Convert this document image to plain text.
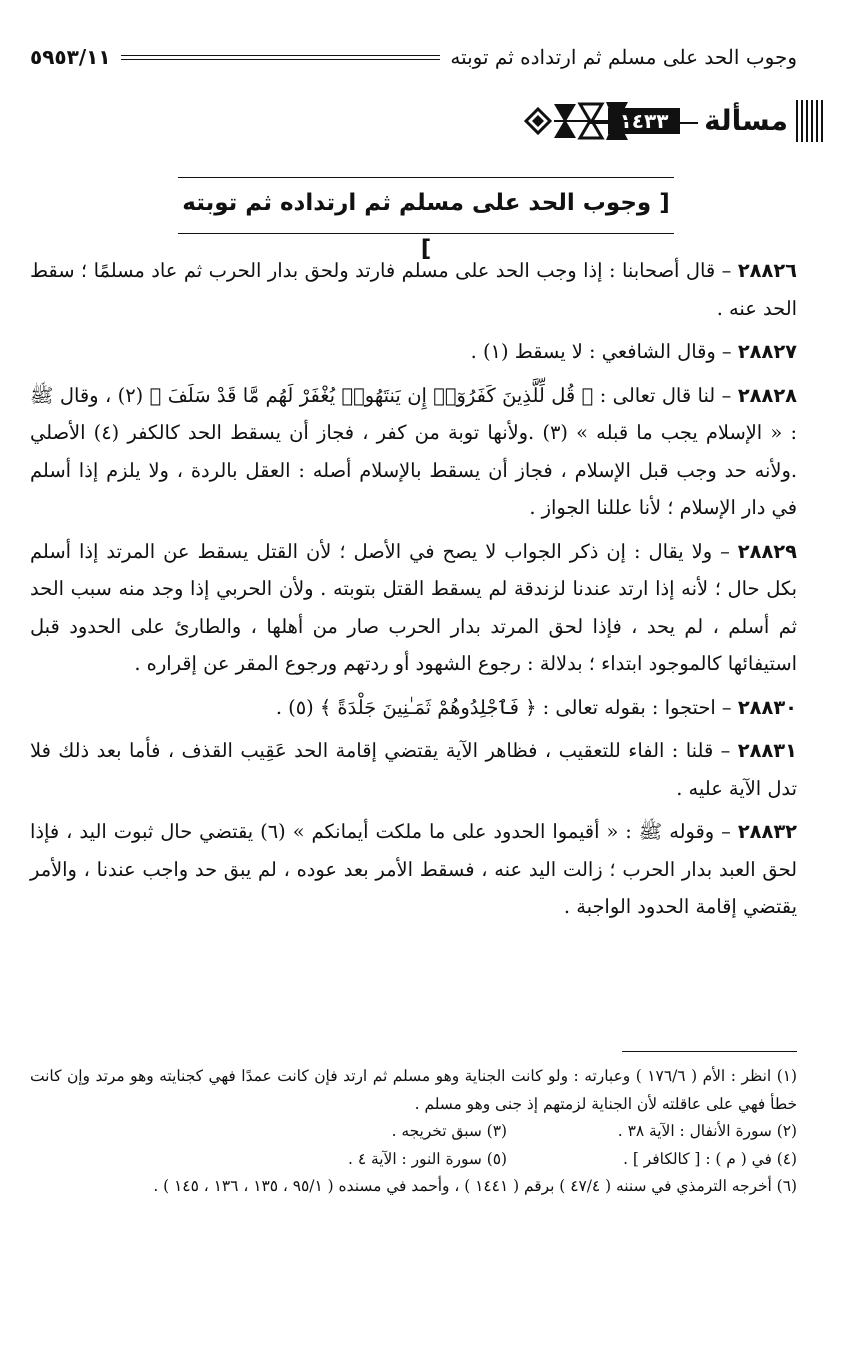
وجوب الحد على مسلم ثم ارتداده ثم توبته
٥٩٥٣/١١
مسألة
١٤٣٣
[ وجوب الحد على مسلم ثم ارتداده ثم توبته ]

٢٨٨٢٦ – قال أصحابنا : إذا وجب الحد على مسلم فارتد ولحق بدار الحرب ثم عاد مسلمًا ؛ سقط الحد عنه .

٢٨٨٢٧ – وقال الشافعي : لا يسقط (١) .

٢٨٨٢٨ – لنا قال تعالى : ﴿ قُل لِّلَّذِينَ كَفَرُوٓا۟ إِن يَنتَهُوا۟ يُغْفَرْ لَهُم مَّا قَدْ سَلَفَ ﴾ (٢) ، وقال ﷺ : « الإسلام يجب ما قبله » (٣) .ولأنها توبة من كفر ، فجاز أن يسقط الحد كالكفر (٤) الأصلي .ولأنه حد وجب قبل الإسلام ، فجاز أن يسقط بالإسلام أصله : العقل بالردة ، ولا يلزم إذا أسلم في دار الإسلام ؛ لأنا عللنا الجواز .

٢٨٨٢٩ – ولا يقال : إن ذكر الجواب لا يصح في الأصل ؛ لأن القتل يسقط عن المرتد إذا أسلم بكل حال ؛ لأنه إذا ارتد عندنا لزندقة لم يسقط القتل بتوبته . ولأن الحربي إذا وجد منه سبب الحد ثم أسلم ، لم يحد ، فإذا لحق المرتد بدار الحرب صار من أهلها ، والطارئ على الحدود قبل استيفائها كالموجود ابتداء ؛ بدلالة : رجوع الشهود أو ردتهم ورجوع المقر عن إقراره .

٢٨٨٣٠ – احتجوا : بقوله تعالى : ﴿ فَٱجْلِدُوهُمْ ثَمَـٰنِينَ جَلْدَةً ﴾ (٥) .

٢٨٨٣١ – قلنا : الفاء للتعقيب ، فظاهر الآية يقتضي إقامة الحد عَقِيب القذف ، فأما بعد ذلك فلا تدل الآية عليه .

٢٨٨٣٢ – وقوله ﷺ : « أقيموا الحدود على ما ملكت أيمانكم » (٦) يقتضي حال ثبوت اليد ، فإذا لحق العبد بدار الحرب ؛ زالت اليد عنه ، فسقط الأمر بعد عوده ، لم يبق حد واجب عندنا ، والأمر يقتضي إقامة الحدود الواجبة .

(١) انظر : الأم ( ١٧٦/٦ ) وعبارته : ولو كانت الجناية وهو مسلم ثم ارتد فإن كانت عمدًا فهي كجنايته وهو مرتد وإن كانت خطأ فهي على عاقلته لأن الجناية لزمتهم إذ جنى وهو مسلم .

(٢) سورة الأنفال : الآية ٣٨ .
(٣) سبق تخريجه .
(٤) في ( م ) : [ كالكافر ] .
(٥) سورة النور : الآية ٤ .

(٦) أخرجه الترمذي في سننه ( ٤٧/٤ ) برقم ( ١٤٤١ ) ، وأحمد في مسنده ( ٩٥/١ ، ١٣٥ ، ١٣٦ ، ١٤٥ ) .
